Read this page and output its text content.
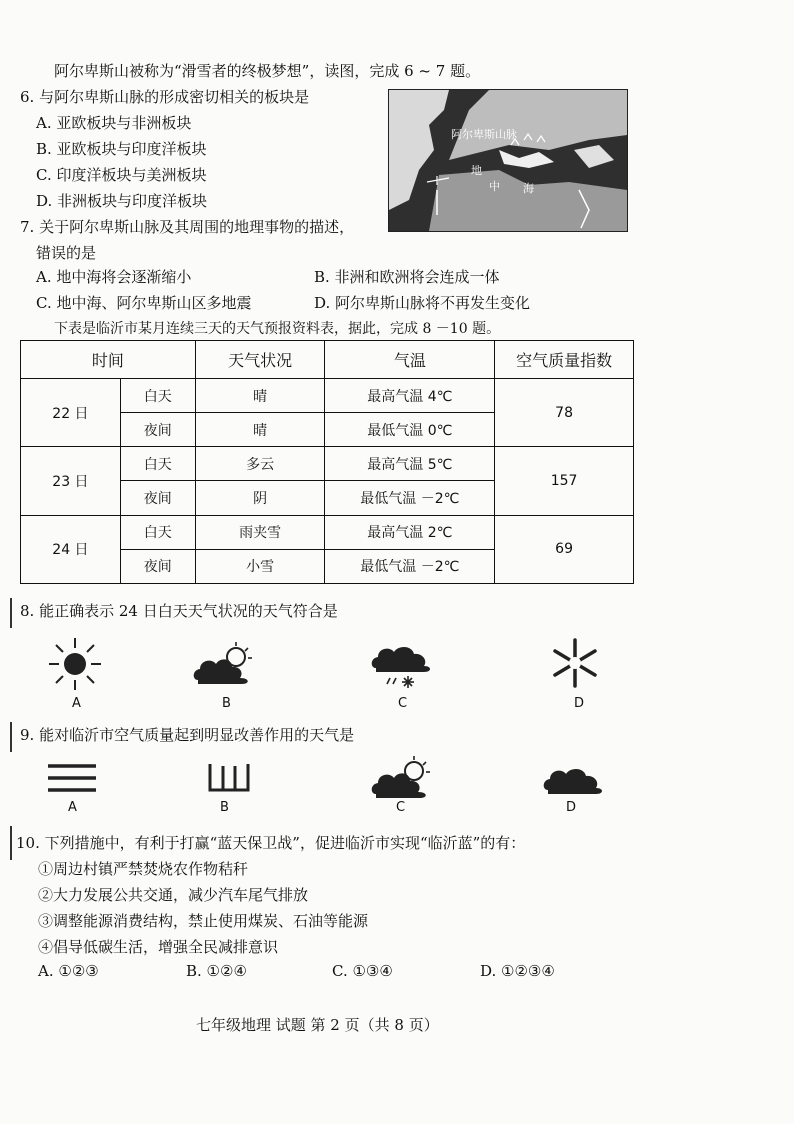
阿尔卑斯山被称为“滑雪者的终极梦想”，读图，完成 6 ~ 7 题。
6. 与阿尔卑斯山脉的形成密切相关的板块是
A. 亚欧板块与非洲板块
B. 亚欧板块与印度洋板块
C. 印度洋板块与美洲板块
D. 非洲板块与印度洋板块
阿尔卑斯山脉
地
中 海
7. 关于阿尔卑斯山脉及其周围的地理事物的描述，
错误的是
A. 地中海将会逐渐缩小	B. 非洲和欧洲将会连成一体
C. 地中海、阿尔卑斯山区多地震	D. 阿尔卑斯山脉将不再发生变化
下表是临沂市某月连续三天的天气预报资料表，据此，完成 8 －10 题。
时间		天气状况	气温	空气质量指数
22 日	白天	晴	最高气温 4℃	78
	夜间	晴	最低气温 0℃	
23 日	白天	多云	最高气温 5℃	157
	夜间	阴	最低气温 －2℃	
24 日	白天	雨夹雪	最高气温 2℃	69
	夜间	小雪	最低气温 －2℃	
8. 能正确表示 24 日白天天气状况的天气符合是
A	B	C	D
9. 能对临沂市空气质量起到明显改善作用的天气是
A	B	C	D
10. 下列措施中，有利于打赢“蓝天保卫战”，促进临沂市实现“临沂蓝”的有：
①周边村镇严禁焚烧农作物秸秆
②大力发展公共交通，减少汽车尾气排放
③调整能源消费结构，禁止使用煤炭、石油等能源
④倡导低碳生活，增强全民减排意识
A. ①②③	B. ①②④	C. ①③④	D. ①②③④
七年级地理 试题 第 2 页（共 8 页）
